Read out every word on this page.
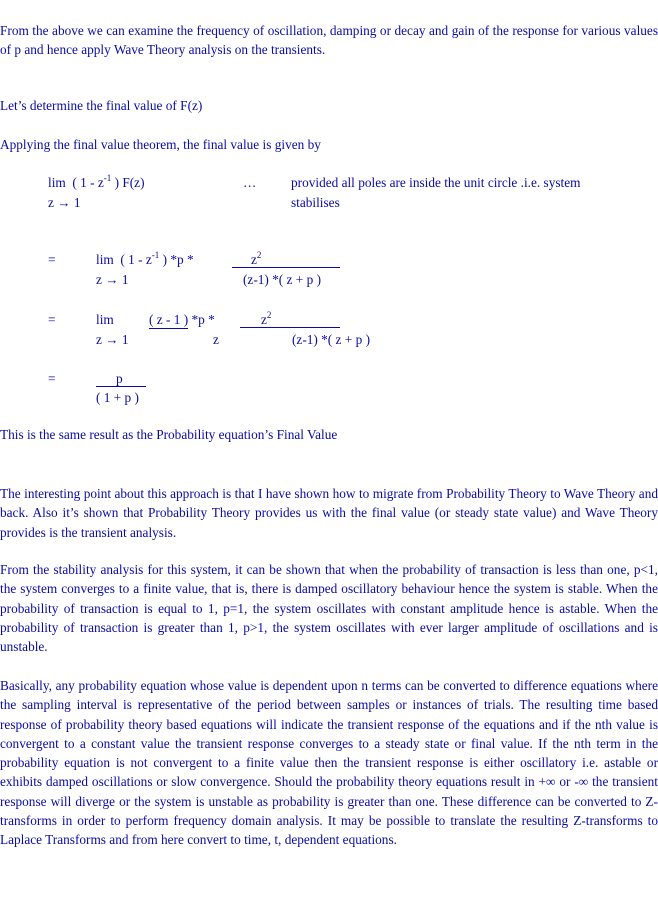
From the above we can examine the frequency of oscillation, damping or decay and gain of the response for various values of p and hence apply Wave Theory analysis on the transients.
Let’s determine the final value of F(z)
Applying the final value theorem, the final value is given by
lim ( $1 - z^{-1}$ ) F(z)
z → 1
…	provided all poles are inside the unit circle .i.e. system
stabilises
=	lim ( $1 - z^{-1}$ ) *p *	$z^2$
(z-1) *( z + p )
z → 1
=	lim	( z - 1 ) *p *
z
$z^2$
(z-1) *( z + p )
z → 1
=	p
( 1 + p )
This is the same result as the Probability equation’s Final Value
The interesting point about this approach is that I have shown how to migrate from Probability Theory to Wave Theory and back. Also it’s shown that Probability Theory provides us with the final value (or steady state value) and Wave Theory provides is the transient analysis.
From the stability analysis for this system, it can be shown that when the probability of transaction is less than one, p<1, the system converges to a finite value, that is, there is damped oscillatory behaviour hence the system is stable. When the probability of transaction is equal to 1, p=1, the system oscillates with constant amplitude hence is astable. When the probability of transaction is greater than 1, p>1, the system oscillates with ever larger amplitude of oscillations and is unstable.
Basically, any probability equation whose value is dependent upon n terms can be converted to difference equations where the sampling interval is representative of the period between samples or instances of trials. The resulting time based response of probability theory based equations will indicate the transient response of the equations and if the nth value is convergent to a constant value the transient response converges to a steady state or final value. If the nth term in the probability equation is not convergent to a finite value then the transient response is either oscillatory i.e. astable or exhibits damped oscillations or slow convergence. Should the probability theory equations result in +∞ or -∞ the transient response will diverge or the system is unstable as probability is greater than one. These difference can be converted to Z-transforms in order to perform frequency domain analysis. It may be possible to translate the resulting Z-transforms to Laplace Transforms and from here convert to time, t, dependent equations.
